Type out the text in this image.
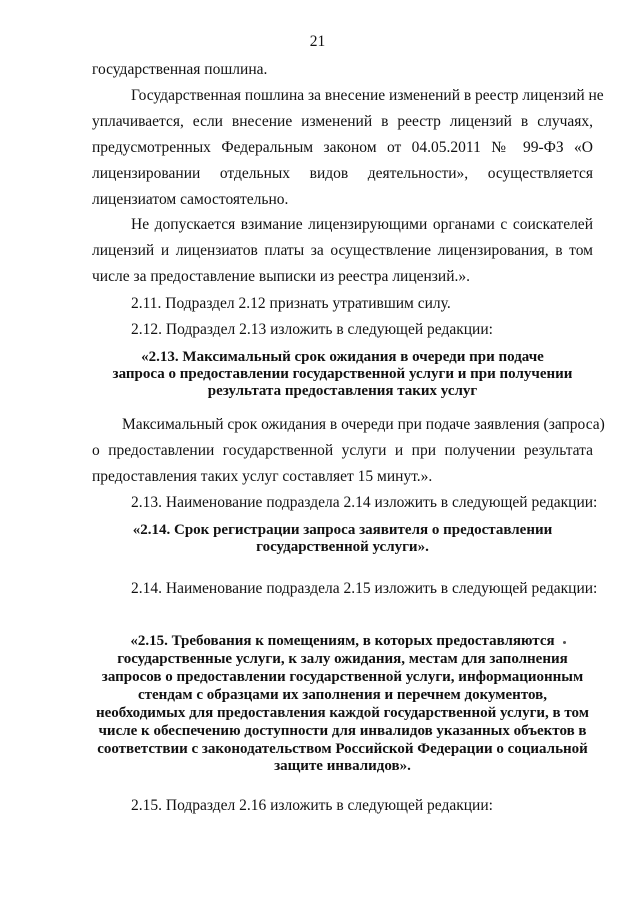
21
государственная пошлина.
Государственная пошлина за внесение изменений в реестр лицензий не
уплачивается, если внесение изменений в реестр лицензий в случаях,
предусмотренных Федеральным законом от 04.05.2011 № 99-ФЗ «О
лицензировании отдельных видов деятельности», осуществляется
лицензиатом самостоятельно.
Не допускается взимание лицензирующими органами с соискателей
лицензий и лицензиатов платы за осуществление лицензирования, в том
числе за предоставление выписки из реестра лицензий.».
2.11. Подраздел 2.12 признать утратившим силу.
2.12. Подраздел 2.13 изложить в следующей редакции:
«2.13. Максимальный срок ожидания в очереди при подаче
запроса о предоставлении государственной услуги и при получении
результата предоставления таких услуг
Максимальный срок ожидания в очереди при подаче заявления (запроса)
о предоставлении государственной услуги и при получении результата
предоставления таких услуг составляет 15 минут.».
2.13. Наименование подраздела 2.14 изложить в следующей редакции:
«2.14. Срок регистрации запроса заявителя о предоставлении
государственной услуги».
2.14. Наименование подраздела 2.15 изложить в следующей редакции:
«2.15. Требования к помещениям, в которых предоставляются
государственные услуги, к залу ожидания, местам для заполнения
запросов о предоставлении государственной услуги, информационным
стендам с образцами их заполнения и перечнем документов,
необходимых для предоставления каждой государственной услуги, в том
числе к обеспечению доступности для инвалидов указанных объектов в
соответствии с законодательством Российской Федерации о социальной
защите инвалидов».
2.15. Подраздел 2.16 изложить в следующей редакции:
